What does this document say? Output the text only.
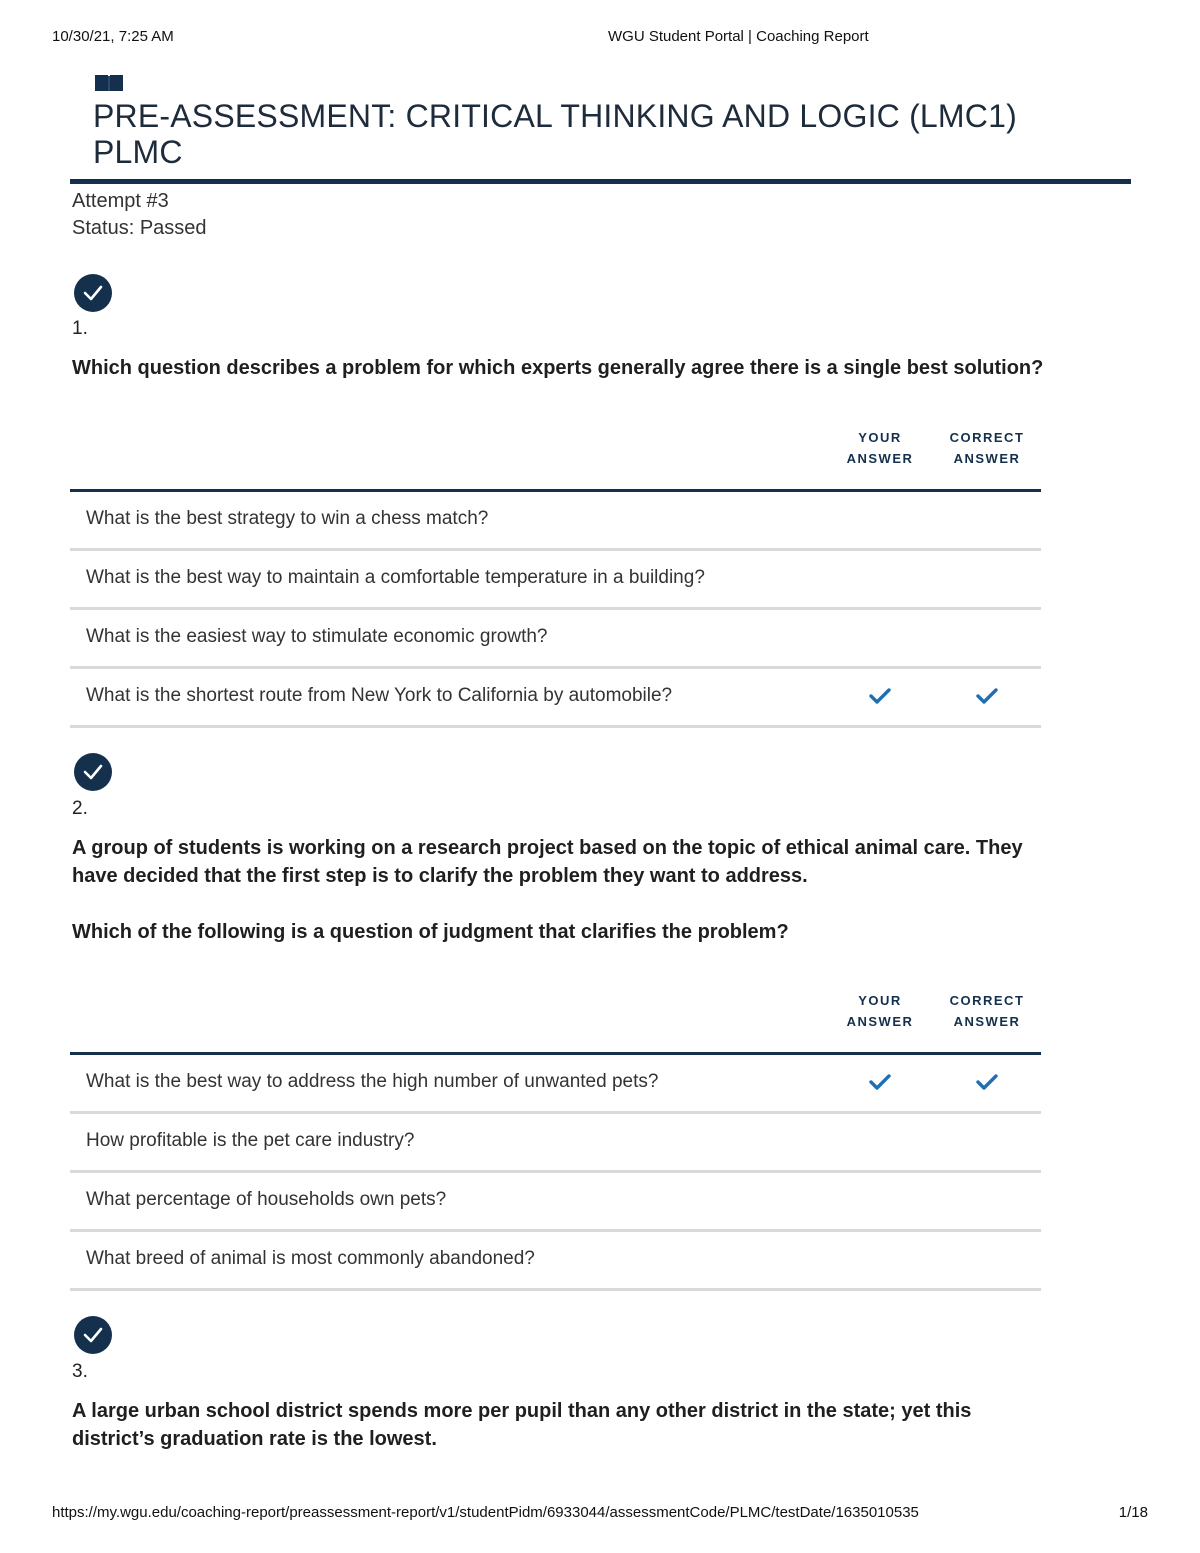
10/30/21, 7:25 AM	WGU Student Portal | Coaching Report
PRE-ASSESSMENT: CRITICAL THINKING AND LOGIC (LMC1)
PLMC
Attempt #3
Status: Passed
1.

Which question describes a problem for which experts generally agree there is a single best solution?

YOUR
ANSWER
CORRECT
ANSWER
What is the best strategy to win a chess match?
What is the best way to maintain a comfortable temperature in a building?
What is the easiest way to stimulate economic growth?
What is the shortest route from New York to California by automobile?
2.

A group of students is working on a research project based on the topic of ethical animal care. They have decided that the first step is to clarify the problem they want to address.

Which of the following is a question of judgment that clarifies the problem?

YOUR
ANSWER
CORRECT
ANSWER
What is the best way to address the high number of unwanted pets?
How profitable is the pet care industry?
What percentage of households own pets?
What breed of animal is most commonly abandoned?
3.

A large urban school district spends more per pupil than any other district in the state; yet this district’s graduation rate is the lowest.

https://my.wgu.edu/coaching-report/preassessment-report/v1/studentPidm/6933044/assessmentCode/PLMC/testDate/1635010535	1/18
